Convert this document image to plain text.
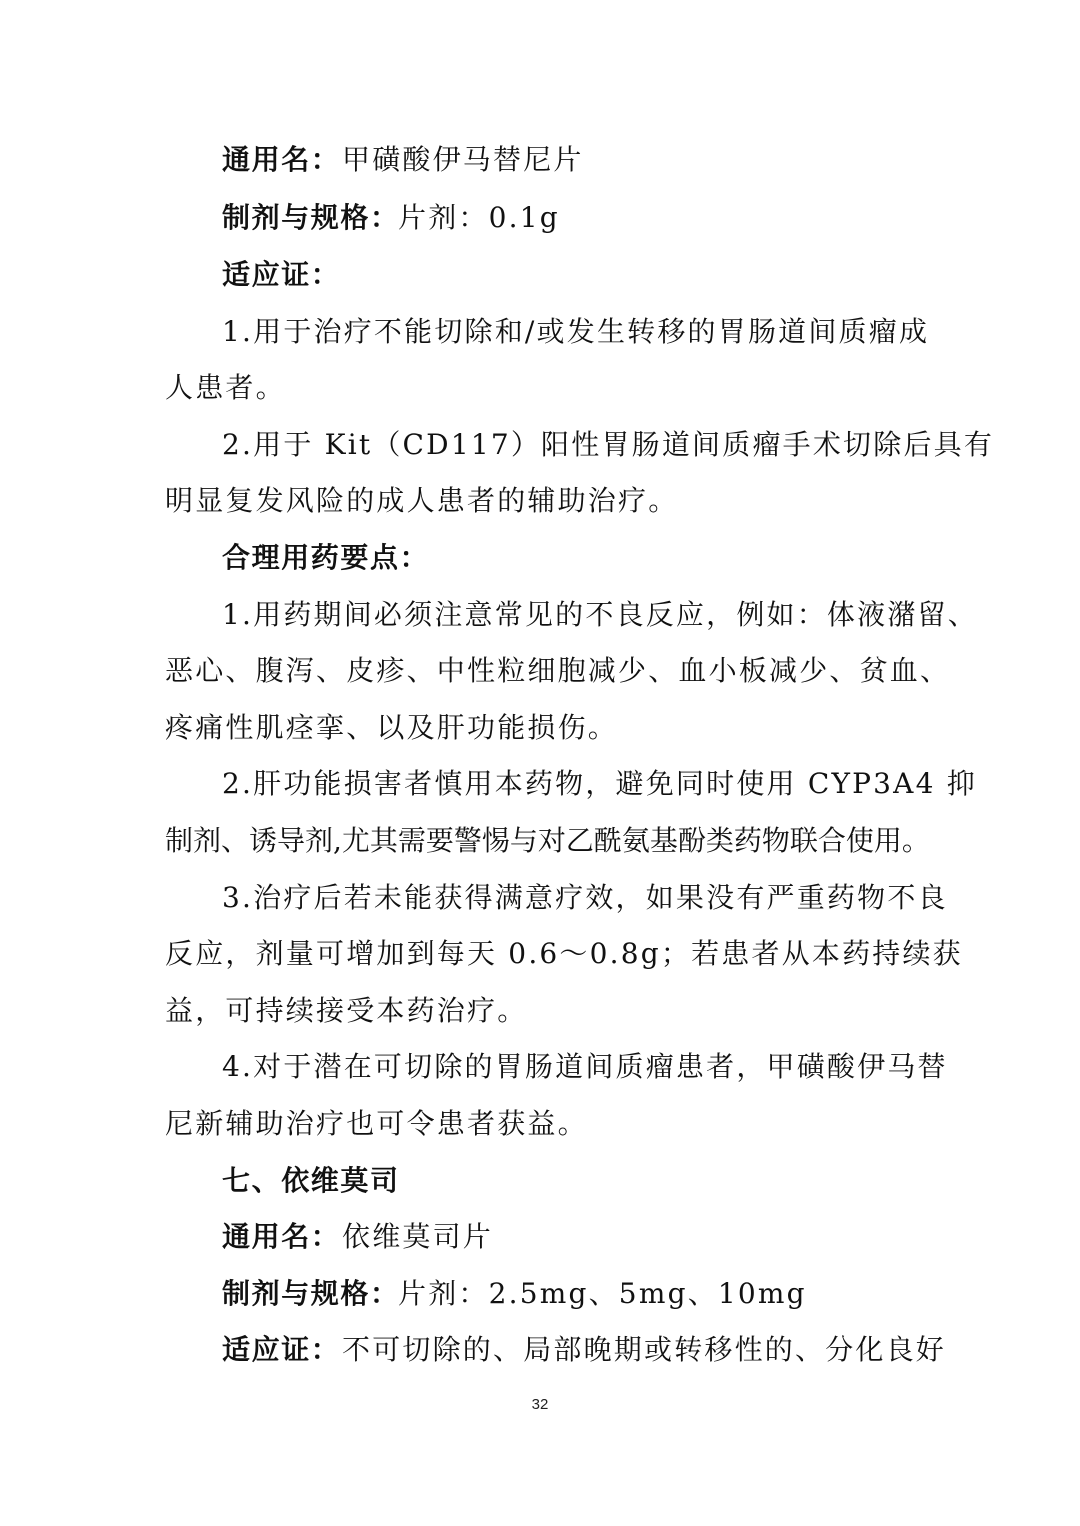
通用名： 甲磺酸伊马替尼片
制剂与规格：
片剂：0.1g
适应证：
1.用于治疗不能切除和/或发生转移的胃肠道间质瘤成
人患者。
2.用于 Kit（CD117）阳性胃肠道间质瘤手术切除后具有
明显复发风险的成人患者的辅助治疗。
合理用药要点：
1.用药期间必须注意常见的不良反应，例如：体液潴留、
恶心、腹泻、皮疹、中性粒细胞减少、血小板减少、贫血、
疼痛性肌痉挛、以及肝功能损伤。
2.肝功能损害者慎用本药物，避免同时使用 CYP3A4 抑
制剂、诱导剂,尤其需要警惕与对乙酰氨基酚类药物联合使用。
3.治疗后若未能获得满意疗效，如果没有严重药物不良
反应，剂量可增加到每天 0.6～0.8g；若患者从本药持续获
益，可持续接受本药治疗。
4.对于潜在可切除的胃肠道间质瘤患者，甲磺酸伊马替
尼新辅助治疗也可令患者获益。
七、依维莫司
通用名： 依维莫司片
制剂与规格：
片剂：2.5mg、5mg、10mg
适应证： 不可切除的、局部晚期或转移性的、分化良好
32
